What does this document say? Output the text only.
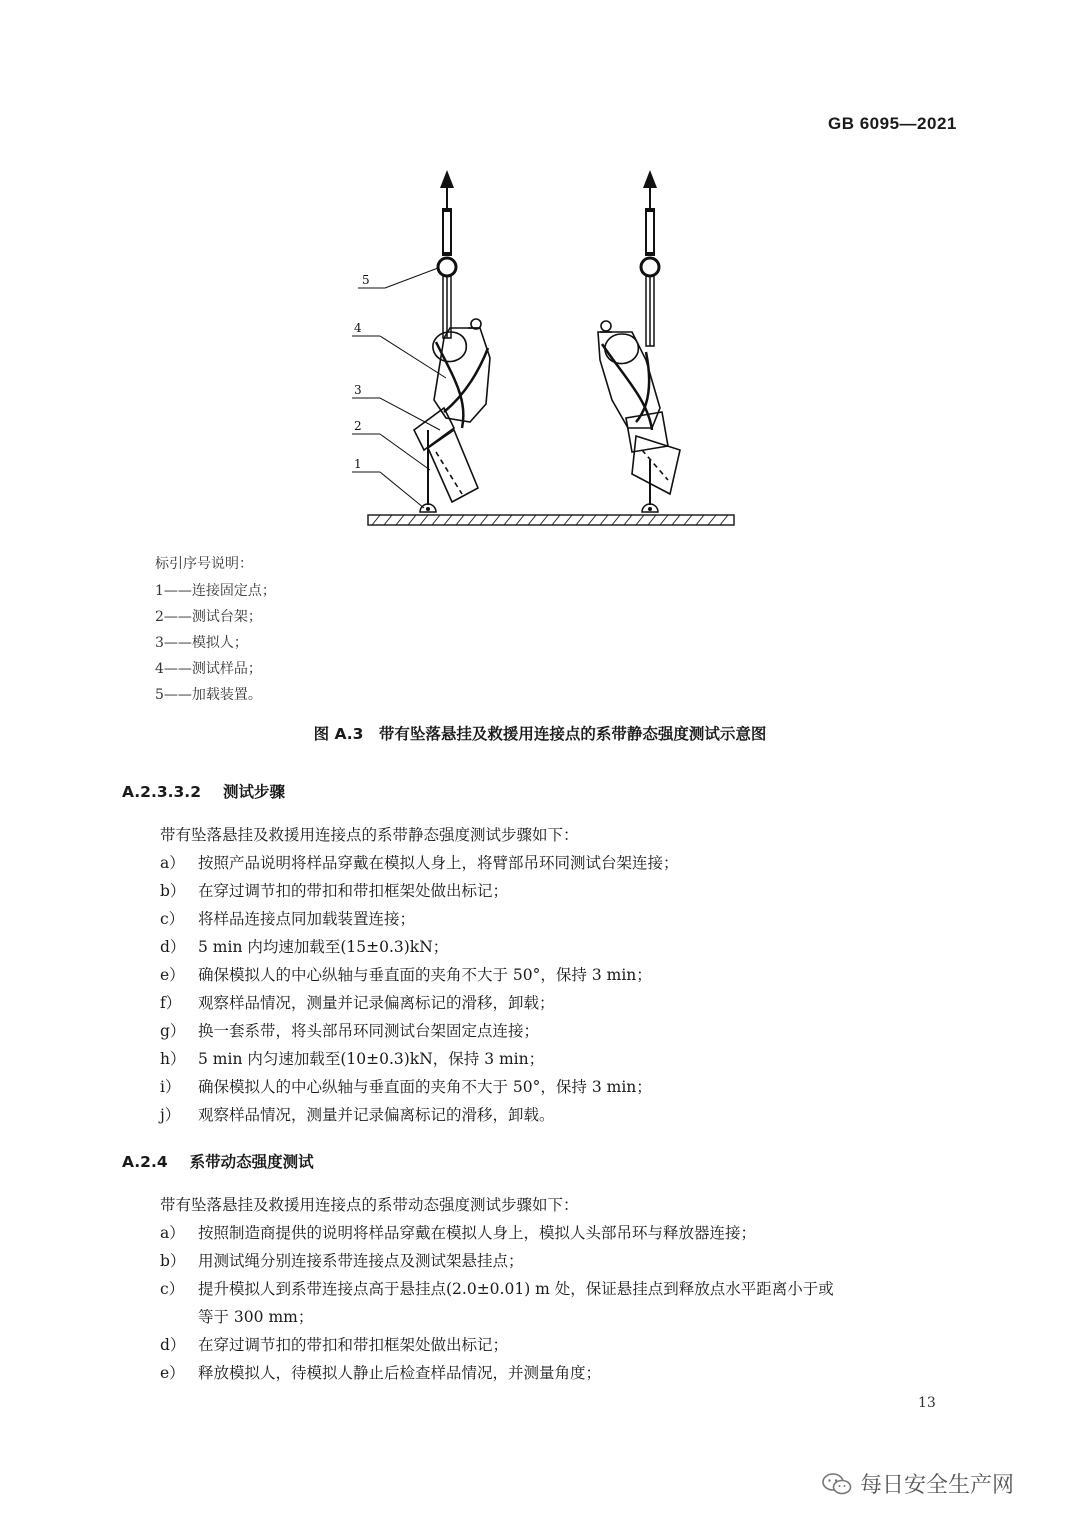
GB 6095—2021
5
4
3
2
1
标引序号说明：
1——连接固定点；
2——测试台架；
3——模拟人；
4——测试样品；
5——加载装置。
图 A.3　带有坠落悬挂及救援用连接点的系带静态强度测试示意图
A.2.3.3.2 测试步骤
带有坠落悬挂及救援用连接点的系带静态强度测试步骤如下：
a） 按照产品说明将样品穿戴在模拟人身上，将臂部吊环同测试台架连接；
b） 在穿过调节扣的带扣和带扣框架处做出标记；
c） 将样品连接点同加载装置连接；
d） 5 min 内均速加载至(15±0.3)kN；
e） 确保模拟人的中心纵轴与垂直面的夹角不大于 50°，保持 3 min；
f） 观察样品情况，测量并记录偏离标记的滑移，卸载；
g） 换一套系带，将头部吊环同测试台架固定点连接；
h） 5 min 内匀速加载至(10±0.3)kN，保持 3 min；
i） 确保模拟人的中心纵轴与垂直面的夹角不大于 50°，保持 3 min；
j） 观察样品情况，测量并记录偏离标记的滑移，卸载。
A.2.4 系带动态强度测试
带有坠落悬挂及救援用连接点的系带动态强度测试步骤如下：
a） 按照制造商提供的说明将样品穿戴在模拟人身上，模拟人头部吊环与释放器连接；
b） 用测试绳分别连接系带连接点及测试架悬挂点；
c） 提升模拟人到系带连接点高于悬挂点(2.0±0.01) m 处，保证悬挂点到释放点水平距离小于或
等于 300 mm；
d） 在穿过调节扣的带扣和带扣框架处做出标记；
e） 释放模拟人，待模拟人静止后检查样品情况，并测量角度；
13
每日安全生产网
